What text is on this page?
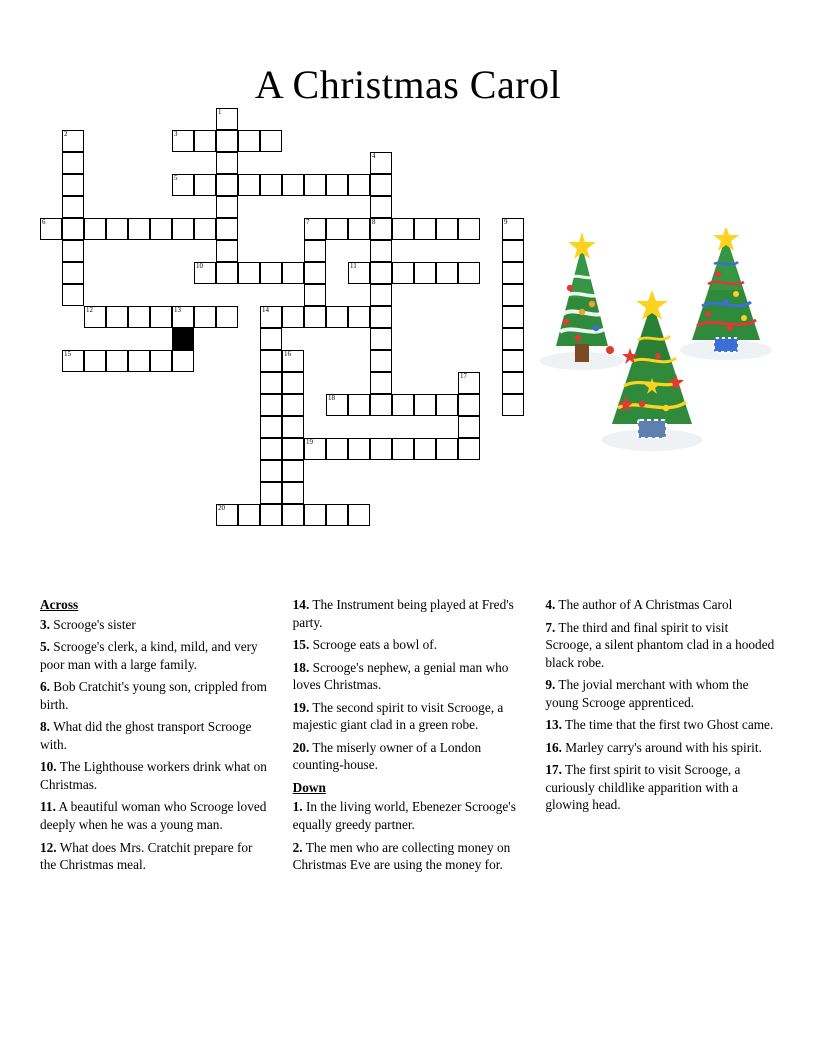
A Christmas Carol
1
2	3
4
5
6	7	8	9
10	11
12	13	14
15	16
17
18
19
20
Across

3. Scrooge's sister

5. Scrooge's clerk, a kind, mild, and very poor man with a large family.

6. Bob Cratchit's young son, crippled from birth.

8. What did the ghost transport Scrooge with.

10. The Lighthouse workers drink what on Christmas.

11. A beautiful woman who Scrooge loved deeply when he was a young man.

12. What does Mrs. Cratchit prepare for the Christmas meal.

14. The Instrument being played at Fred's party.

15. Scrooge eats a bowl of.

18. Scrooge's nephew, a genial man who loves Christmas.

19. The second spirit to visit Scrooge, a majestic giant clad in a green robe.

20. The miserly owner of a London counting-house.

Down

1. In the living world, Ebenezer Scrooge's equally greedy partner.

2. The men who are collecting money on Christmas Eve are using the money for.

4. The author of A Christmas Carol

7. The third and final spirit to visit Scrooge, a silent phantom clad in a hooded black robe.

9. The jovial merchant with whom the young Scrooge apprenticed.

13. The time that the first two Ghost came.

16. Marley carry's around with his spirit.

17. The first spirit to visit Scrooge, a curiously childlike apparition with a glowing head.
